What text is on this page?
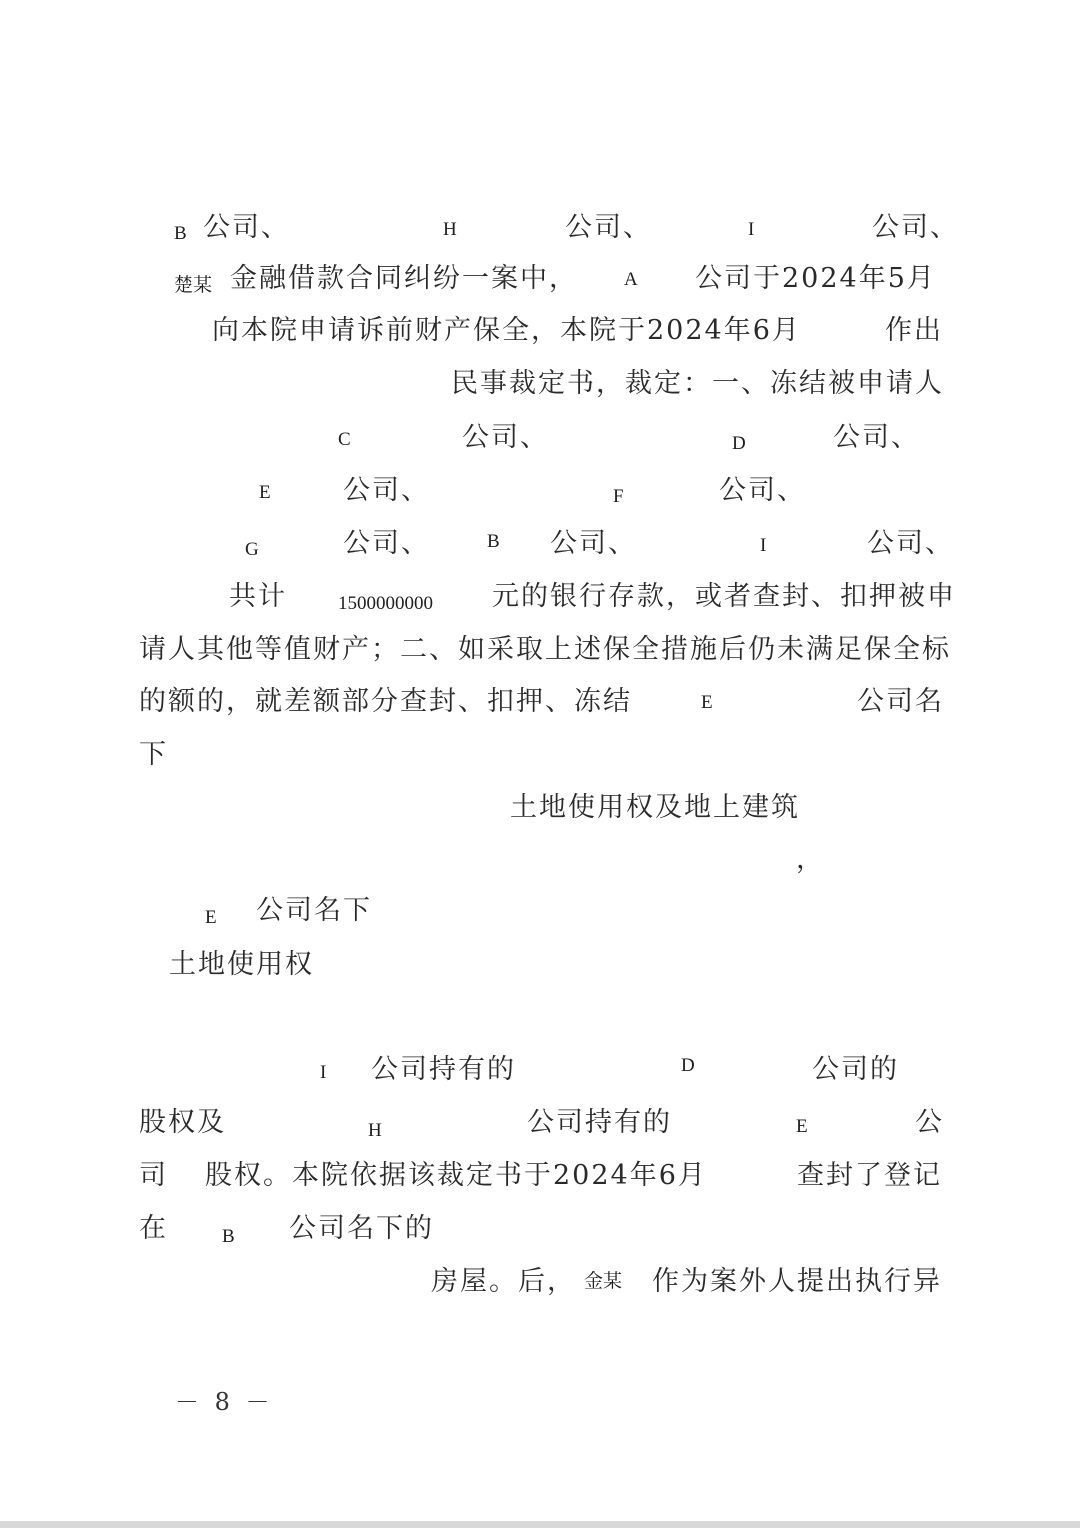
B 公司、	H	公司、	I	公司、
楚某 金融借款合同纠纷一案中， A 公司于2024年5月
向本院申请诉前财产保全，本院于2024年6月	作出
民事裁定书，裁定：一、冻结被申请人
C	公司、	D	公司、
E	公司、	F	公司、
G	公司、	B 公司、	I	公司、
共计	1500000000 元的银行存款，或者查封、扣押被申
请人其他等值财产；二、如采取上述保全措施后仍未满足保全标
的额的，就差额部分查封、扣押、冻结	E	公司名
下
土地使用权及地上建筑
，
E 公司名下
土地使用权
I 公司持有的	D	公司的
股权及	H	公司持有的	E	公
司 股权。本院依据该裁定书于2024年6月	查封了登记
在	B 公司名下的
房屋。后， 金某 作为案外人提出执行异
－ 8 －
